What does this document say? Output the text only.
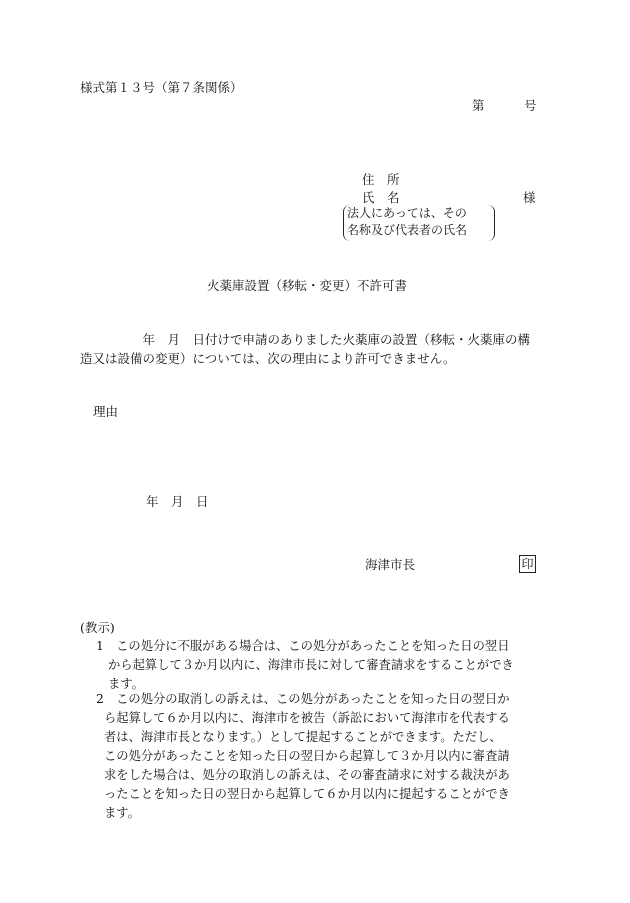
様式第１３号（第７条関係）
第	号
住　所
氏　名	様
法人にあっては、その
名称及び代表者の氏名
火薬庫設置（移転・変更）不許可書
　　　　　年　月　日付けで申請のありました火薬庫の設置（移転・火薬庫の構
造又は設備の変更）については、次の理由により許可できません。
理由
年　月　日
海津市長	印
(教示)
1　この処分に不服がある場合は、この処分があったことを知った日の翌日
から起算して３か月以内に、海津市長に対して審査請求をすることができ
ます。
2　この処分の取消しの訴えは、この処分があったことを知った日の翌日か
ら起算して６か月以内に、海津市を被告（訴訟において海津市を代表する
者は、海津市長となります。）として提起することができます。ただし、
この処分があったことを知った日の翌日から起算して３か月以内に審査請
求をした場合は、処分の取消しの訴えは、その審査請求に対する裁決があ
ったことを知った日の翌日から起算して６か月以内に提起することができ
ます。
